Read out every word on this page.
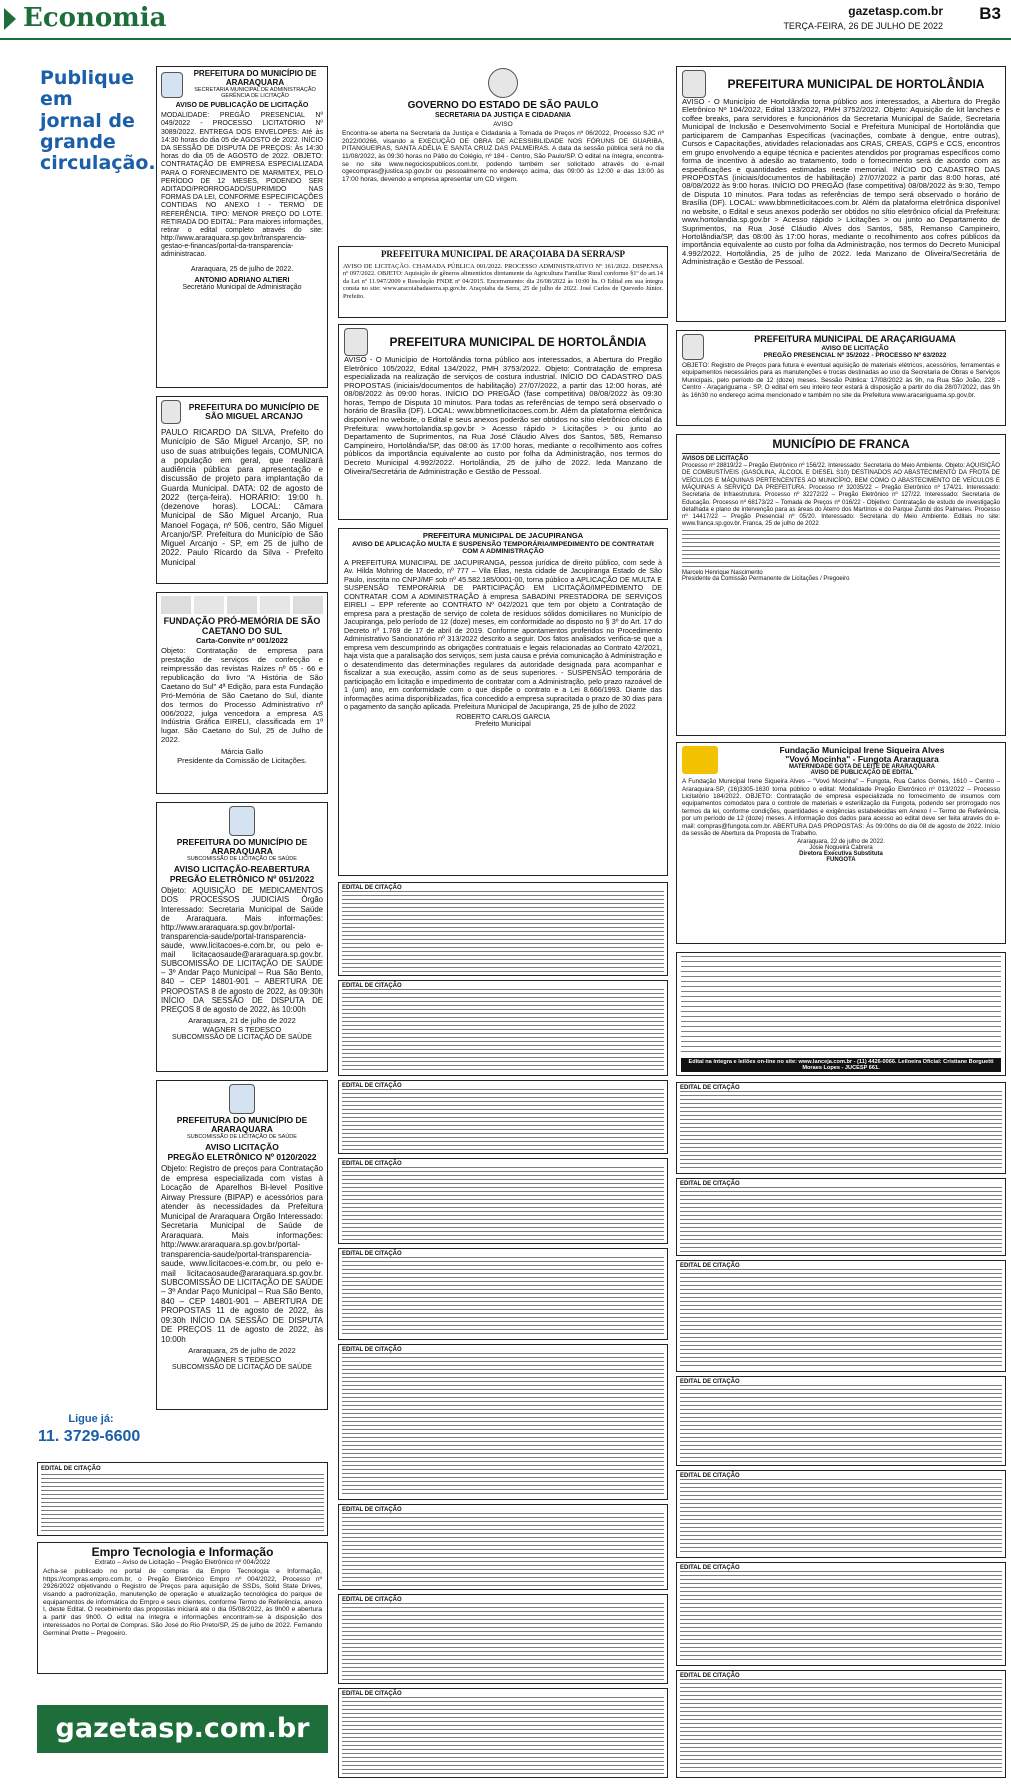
Economia	gazetasp.com.br
TERÇA-FEIRA, 26 DE JULHO DE 2022
B3
Publique em jornal de grande circulação.
Ligue já:
11. 3729-6600
PREFEITURA DO MUNICÍPIO DE ARARAQUARA
SECRETARIA MUNICIPAL DE ADMINISTRAÇÃO
GERÊNCIA DE LICITAÇÃO
AVISO DE PUBLICAÇÃO DE LICITAÇÃO
MODALIDADE: PREGÃO PRESENCIAL Nº 049/2022 - PROCESSO LICITATÓRIO Nº 3089/2022. ENTREGA DOS ENVELOPES: Até às 14:30 horas do dia 05 de AGOSTO de 2022. INÍCIO DA SESSÃO DE DISPUTA DE PREÇOS: Às 14:30 horas do dia 05 de AGOSTO de 2022. OBJETO: CONTRATAÇÃO DE EMPRESA ESPECIALIZADA PARA O FORNECIMENTO DE MARMITEX, PELO PERÍODO DE 12 MESES, PODENDO SER ADITADO/PRORROGADO/SUPRIMIDO NAS FORMAS DA LEI, CONFORME ESPECIFICAÇÕES CONTIDAS NO ANEXO I - TERMO DE REFERÊNCIA. TIPO: MENOR PREÇO DO LOTE. RETIRADA DO EDITAL: Para maiores informações, retirar o edital completo através do site: http://www.araraquara.sp.gov.br/transparencia-gestao-e-financas/portal-da-transparencia-administracao.
Araraquara, 25 de julho de 2022.
ANTONIO ADRIANO ALTIERI
Secretário Municipal de Administração
PREFEITURA DO MUNICÍPIO DE SÃO MIGUEL ARCANJO
PAULO RICARDO DA SILVA, Prefeito do Município de São Miguel Arcanjo, SP, no uso de suas atribuições legais, COMUNICA a população em geral, que realizará audiência pública para apresentação e discussão de projeto para implantação da Guarda Municipal. DATA: 02 de agosto de 2022 (terça-feira). HORÁRIO: 19:00 h. (dezenove horas). LOCAL: Câmara Municipal de São Miguel Arcanjo, Rua Manoel Fogaça, nº 506, centro, São Miguel Arcanjo/SP. Prefeitura do Município de São Miguel Arcanjo - SP, em 25 de julho de 2022. Paulo Ricardo da Silva - Prefeito Municipal
FUNDAÇÃO PRÓ-MEMÓRIA DE SÃO CAETANO DO SUL
Carta-Convite nº 001/2022
Objeto: Contratação de empresa para prestação de serviços de confecção e reimpressão das revistas Raízes nº 65 - 66 e republicação do livro "A História de São Caetano do Sul" 4ª Edição, para esta Fundação Pró-Memória de São Caetano do Sul, diante dos termos do Processo Administrativo nº 006/2022, julga vencedora a empresa AS Indústria Gráfica EIRELI, classificada em 1º lugar. São Caetano do Sul, 25 de Julho de 2022.
Márcia Gallo
Presidente da Comissão de Licitações.
PREFEITURA DO MUNICÍPIO DE ARARAQUARA
SUBCOMISSÃO DE LICITAÇÃO DE SAÚDE
AVISO LICITAÇÃO-REABERTURA
PREGÃO ELETRÔNICO Nº 051/2022
Objeto: AQUISIÇÃO DE MEDICAMENTOS DOS PROCESSOS JUDICIAIS Órgão Interessado: Secretaria Municipal de Saúde de Araraquara. Mais informações: http://www.araraquara.sp.gov.br/portal-transparencia-saude/portal-transparencia-saude, www.licitacoes-e.com.br, ou pelo e-mail licitacaosaude@araraquara.sp.gov.br. SUBCOMISSÃO DE LICITAÇÃO DE SAÚDE – 3º Andar Paço Municipal – Rua São Bento, 840 – CEP 14801-901 – ABERTURA DE PROPOSTAS 8 de agosto de 2022, às 09:30h INÍCIO DA SESSÃO DE DISPUTA DE PREÇOS 8 de agosto de 2022, às 10:00h
Araraquara, 21 de julho de 2022
WAGNER S TEDESCO
SUBCOMISSÃO DE LICITAÇÃO DE SAÚDE
PREFEITURA DO MUNICÍPIO DE ARARAQUARA
SUBCOMISSÃO DE LICITAÇÃO DE SAÚDE
AVISO LICITAÇÃO
PREGÃO ELETRÔNICO Nº 0120/2022
Objeto: Registro de preços para Contratação de empresa especializada com vistas à Locação de Aparelhos Bi-level Positive Airway Pressure (BIPAP) e acessórios para atender às necessidades da Prefeitura Municipal de Araraquara Órgão Interessado: Secretaria Municipal de Saúde de Araraquara. Mais informações: http://www.araraquara.sp.gov.br/portal-transparencia-saude/portal-transparencia-saude, www.licitacoes-e.com.br, ou pelo e-mail licitacaosaude@araraquara.sp.gov.br. SUBCOMISSÃO DE LICITAÇÃO DE SAÚDE – 3º Andar Paço Municipal – Rua São Bento, 840 – CEP 14801-901 – ABERTURA DE PROPOSTAS 11 de agosto de 2022, às 09:30h INÍCIO DA SESSÃO DE DISPUTA DE PREÇOS 11 de agosto de 2022, às 10:00h
Araraquara, 25 de julho de 2022
WAGNER S TEDESCO
SUBCOMISSÃO DE LICITAÇÃO DE SAÚDE
EDITAL DE CITAÇÃO
Empro Tecnologia e Informação
Extrato – Aviso de Licitação – Pregão Eletrônico nº 004/2022
Acha-se publicado no portal de compras da Empro Tecnologia e Informação, https://compras.empro.com.br, o Pregão Eletrônico Empro nº 004/2022, Processo nº 2926/2022 objetivando o Registro de Preços para aquisição de SSDs, Solid State Drives, visando a padronização, manutenção de operação e atualização tecnológica do parque de equipamentos de informática do Empro e seus clientes, conforme Termo de Referência, anexo I, deste Edital. O recebimento das propostas iniciará até o dia 05/08/2022, às 9h00 e abertura a partir das 9h00. O edital na íntegra e informações encontram-se à disposição dos interessados no Portal de Compras. São José do Rio Preto/SP, 25 de julho de 2022. Fernando Germinal Prette – Pregoeiro.
gazetasp.com.br
GOVERNO DO ESTADO DE SÃO PAULO
SECRETARIA DA JUSTIÇA E CIDADANIA
AVISO
Encontra-se aberta na Secretaria da Justiça e Cidadania a Tomada de Preços nº 06/2022, Processo SJC nº 2022/00266, visando a EXECUÇÃO DE OBRA DE ACESSIBILIDADE NOS FÓRUNS DE GUARIBA, PITANGUEIRAS, SANTA ADÉLIA E SANTA CRUZ DAS PALMEIRAS. A data da sessão pública será no dia 11/08/2022, às 09:30 horas no Pátio do Colégio, nº 184 - Centro, São Paulo/SP. O edital na íntegra, encontra-se no site www.negociospublicos.com.br, podendo também ser solicitado através do e-mail cgecompras@justica.sp.gov.br ou pessoalmente no endereço acima, das 09:00 às 12:00 e das 13:00 às 17:00 horas, devendo a empresa apresentar um CD virgem.
PREFEITURA MUNICIPAL DE ARAÇOIABA DA SERRA/SP
AVISO DE LICITAÇÃO. CHAMADA PÚBLICA 001/2022. PROCESSO ADMINISTRATIVO Nº 161/2022. DISPENSA nº 097/2022. OBJETO: Aquisição de gêneros alimentícios diretamente da Agricultura Familiar Rural conforme §1º do art.14 da Lei nº 11.947/2009 e Resolução FNDE nº 04/2015. Encerramento: dia 26/08/2022 às 10:00 hs. O Edital em sua íntegra consta no site: www.aracoiabadaserra.sp.gov.br. Araçoiaba da Serra, 25 de julho de 2022. José Carlos de Quevedo Júnior. Prefeito.
PREFEITURA MUNICIPAL DE HORTOLÂNDIA
AVISO - O Município de Hortolândia torna público aos interessados, a Abertura do Pregão Eletrônico 105/2022, Edital 134/2022, PMH 3753/2022. Objeto: Contratação de empresa especializada na realização de serviços de costura industrial. INÍCIO DO CADASTRO DAS PROPOSTAS (iniciais/documentos de habilitação) 27/07/2022, a partir das 12:00 horas, até 08/08/2022 às 09:00 horas. INÍCIO DO PREGÃO (fase competitiva) 08/08/2022 às 09:30 horas, Tempo de Disputa 10 minutos. Para todas as referências de tempo será observado o horário de Brasília (DF). LOCAL: www.bbmnetlicitacoes.com.br. Além da plataforma eletrônica disponível no website, o Edital e seus anexos poderão ser obtidos no sítio eletrônico oficial da Prefeitura: www.hortolandia.sp.gov.br > Acesso rápido > Licitações > ou junto ao Departamento de Suprimentos, na Rua José Cláudio Alves dos Santos, 585, Remanso Campineiro, Hortolândia/SP, das 08:00 às 17:00 horas, mediante o recolhimento aos cofres públicos da importância equivalente ao custo por folha da Administração, nos termos do Decreto Municipal 4.992/2022. Hortolândia, 25 de julho de 2022. Ieda Manzano de Oliveira/Secretária de Administração e Gestão de Pessoal.
PREFEITURA MUNICIPAL DE JACUPIRANGA
AVISO DE APLICAÇÃO MULTA E SUSPENSÃO TEMPORÁRIA/IMPEDIMENTO DE CONTRATAR COM A ADMINISTRAÇÃO
A PREFEITURA MUNICIPAL DE JACUPIRANGA, pessoa jurídica de direito público, com sede à Av. Hilda Mohring de Macedo, nº 777 – Vila Elias, nesta cidade de Jacupiranga Estado de São Paulo, inscrita no CNPJ/MF sob nº 45.582.185/0001-00, torna público a APLICAÇÃO DE MULTA E SUSPENSÃO TEMPORÁRIA DE PARTICIPAÇÃO EM LICITAÇÃO/IMPEDIMENTO DE CONTRATAR COM A ADMINISTRAÇÃO à empresa SABADINI PRESTADORA DE SERVIÇOS EIRELI – EPP referente ao CONTRATO Nº 042/2021 que tem por objeto a Contratação de empresa para a prestação de serviço de coleta de resíduos sólidos domiciliares no Município de Jacupiranga, pelo período de 12 (doze) meses, em conformidade ao disposto no § 3º do Art. 17 do Decreto nº 1.769 de 17 de abril de 2019. Conforme apontamentos proferidos no Procedimento Administrativo Sancionatório nº 313/2022 descrito a seguir. Dos fatos analisados verifica-se que a empresa vem descumprindo as obrigações contratuais e legais relacionadas ao Contrato 42/2021, haja vista que a paralisação dos serviços, sem justa causa e prévia comunicação à Administração e o desatendimento das determinações regulares da autoridade designada para acompanhar e fiscalizar a sua execução, assim como as de seus superiores. - SUSPENSÃO temporária de participação em licitação e impedimento de contratar com a Administração, pelo prazo razoável de 1 (um) ano, em conformidade com o que dispõe o contrato e a Lei 8.666/1993. Diante das informações acima disponibilizadas, fica concedido a empresa supracitada o prazo de 30 dias para o pagamento da sanção aplicada. Prefeitura Municipal de Jacupiranga, 25 de julho de 2022
ROBERTO CARLOS GARCIA
Prefeito Municipal
EDITAL DE CITAÇÃO
EDITAL DE CITAÇÃO
EDITAL DE CITAÇÃO
EDITAL DE CITAÇÃO
EDITAL DE CITAÇÃO
EDITAL DE CITAÇÃO
EDITAL DE CITAÇÃO
EDITAL DE CITAÇÃO
EDITAL DE CITAÇÃO
PREFEITURA MUNICIPAL DE HORTOLÂNDIA
AVISO - O Município de Hortolândia torna público aos interessados, a Abertura do Pregão Eletrônico Nº 104/2022, Edital 133/2022, PMH 3752/2022. Objeto: Aquisição de kit lanches e coffee breaks, para servidores e funcionários da Secretaria Municipal de Saúde, Secretaria Municipal de Inclusão e Desenvolvimento Social e Prefeitura Municipal de Hortolândia que participarem de Campanhas Específicas (vacinações, combate à dengue, entre outras), Cursos e Capacitações, atividades relacionadas aos CRAS, CREAS, CGPS e CCS, encontros em grupo envolvendo a equipe técnica e pacientes atendidos por programas específicos como forma de incentivo à adesão ao tratamento, todo o fornecimento será de acordo com as especificações e quantidades estimadas neste memorial. INÍCIO DO CADASTRO DAS PROPOSTAS (iniciais/documentos de habilitação) 27/07/2022 a partir das 8:00 horas, até 08/08/2022 às 9:00 horas. INÍCIO DO PREGÃO (fase competitiva) 08/08/2022 às 9:30, Tempo de Disputa 10 minutos. Para todas as referências de tempo será observado o horário de Brasília (DF). LOCAL: www.bbmnetlicitacoes.com.br. Além da plataforma eletrônica disponível no website, o Edital e seus anexos poderão ser obtidos no sítio eletrônico oficial da Prefeitura: www.hortolandia.sp.gov.br > Acesso rápido > Licitações > ou junto ao Departamento de Suprimentos, na Rua José Cláudio Alves dos Santos, 585, Remanso Campineiro, Hortolândia/SP, das 08:00 às 17:00 horas, mediante o recolhimento aos cofres públicos da importância equivalente ao custo por folha da Administração, nos termos do Decreto Municipal 4.992/2022. Hortolândia, 25 de julho de 2022. Ieda Manzano de Oliveira/Secretária de Administração e Gestão de Pessoal.
PREFEITURA MUNICIPAL DE ARAÇARIGUAMA
AVISO DE LICITAÇÃO
PREGÃO PRESENCIAL Nº 35/2022 - PROCESSO Nº 63/2022
OBJETO: Registro de Preços para futura e eventual aquisição de materiais elétricos, acessórios, ferramentas e equipamentos necessários para as manutenções e trocas destinadas ao uso da Secretaria de Obras e Serviços Municipais, pelo período de 12 (doze) meses. Sessão Pública: 17/08/2022 às 9h, na Rua São João, 228 - Centro - Araçariguama - SP. O edital em seu inteiro teor estará à disposição a partir do dia 28/07/2022, das 9h às 16h30 no endereço acima mencionado e também no site da Prefeitura www.aracariguama.sp.gov.br.
MUNICÍPIO DE FRANCA
AVISOS DE LICITAÇÃO
Processo nº 28819/22 – Pregão Eletrônico nº 156/22. Interessado: Secretaria do Meio Ambiente. Objeto: AQUISIÇÃO DE COMBUSTÍVEIS (GASOLINA, ÁLCOOL E DIESEL S10) DESTINADOS AO ABASTECIMENTO DA FROTA DE VEÍCULOS E MÁQUINAS PERTENCENTES AO MUNICÍPIO, BEM COMO O ABASTECIMENTO DE VEÍCULOS E MÁQUINAS A SERVIÇO DA PREFEITURA. Processo nº 32035/22 – Pregão Eletrônico nº 174/21. Interessado: Secretaria de Infraestrutura. Processo nº 32272/22 – Pregão Eletrônico nº 127/22. Interessado: Secretaria de Educação. Processo nº 68173/22 – Tomada de Preços nº 016/22 - Objetivo: Contratação de estudo de investigação detalhada e plano de intervenção para as áreas do Aterro dos Martírios e do Parque Zumbi dos Palmares. Processo nº 14417/22 – Pregão Presencial nº 05/20. Interessado: Secretaria do Meio Ambiente. Editais no site: www.franca.sp.gov.br. Franca, 25 de julho de 2022
Marcelo Henrique Nascimento
Presidente da Comissão Permanente de Licitações / Pregoeiro
Fundação Municipal Irene Siqueira Alves
"Vovó Mocinha" - Fungota Araraquara
MATERNIDADE GOTA DE LEITE DE ARARAQUARA
AVISO DE PUBLICAÇÃO DE EDITAL
A Fundação Municipal Irene Siqueira Alves – "Vovó Mocinha" – Fungota, Rua Carlos Gomes, 1610 – Centro – Araraquara-SP, (16)3305-1630 torna público o edital: Modalidade Pregão Eletrônico nº 013/2022 – Processo Licitatório 184/2022. OBJETO: Contratação de empresa especializada no fornecimento de insumos com equipamentos comodatos para o controle de materiais e esterilização da Fungota, podendo ser prorrogado nos termos da lei, conforme condições, quantidades e exigências estabelecidas em Anexo I – Termo de Referência, por um período de 12 (doze) meses. A informação dos dados para acesso ao edital deve ser feita através do e-mail: compras@fungota.com.br. ABERTURA DAS PROPOSTAS: Às 09:00hs do dia 08 de agosto de 2022. Início da sessão de Abertura da Proposta de Trabalho.
Araraquara, 22 de julho de 2022.
Josie Nogueira Cabrera
Diretora Executiva Substituta
FUNGOTA
Edital na íntegra e leilões on-line no site: www.lanceja.com.br - (11) 4426-0066. Leiloeira Oficial: Cristiane Borguetti Moraes Lopes - JUCESP 661.
EDITAL DE CITAÇÃO
EDITAL DE CITAÇÃO
EDITAL DE CITAÇÃO
EDITAL DE CITAÇÃO
EDITAL DE CITAÇÃO
EDITAL DE CITAÇÃO
EDITAL DE CITAÇÃO
